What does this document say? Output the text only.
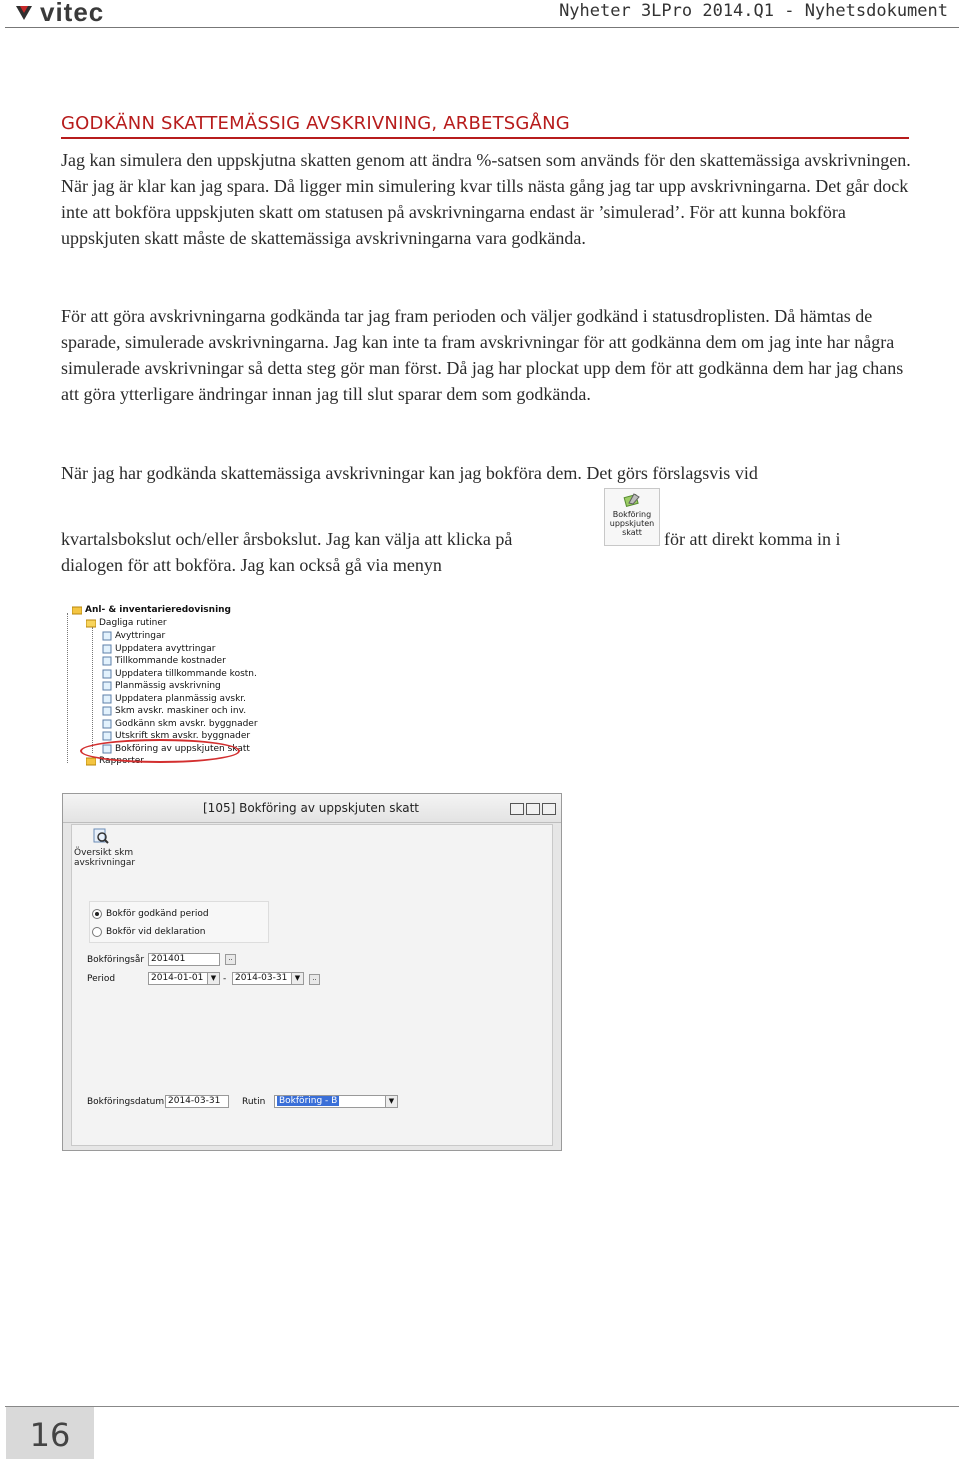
vitec	Nyheter 3LPro 2014.Q1 - Nyhetsdokument
GODKÄNN SKATTEMÄSSIG AVSKRIVNING, ARBETSGÅNG

Jag kan simulera den uppskjutna skatten genom att ändra %-satsen som används för den skattemässiga avskrivningen. När jag är klar kan jag spara. Då ligger min simulering kvar tills nästa gång jag tar upp avskrivningarna. Det går dock inte att bokföra uppskjuten skatt om statusen på avskrivningarna endast är ’simulerad’. För att kunna bokföra uppskjuten skatt måste de skattemässiga avskrivningarna vara godkända.

För att göra avskrivningarna godkända tar jag fram perioden och väljer godkänd i statusdroplisten. Då hämtas de sparade, simulerade avskrivningarna. Jag kan inte ta fram avskrivningar för att godkänna dem om jag inte har några simulerade avskrivningar så detta steg gör man först. Då jag har plockat upp dem för att godkänna dem har jag chans att göra ytterligare ändringar innan jag till slut sparar dem som godkända.

När jag har godkända skattemässiga avskrivningar kan jag bokföra dem. Det görs förslagsvis vid

kvartalsbokslut och/eller årsbokslut. Jag kan välja att klicka på	för att direkt komma in i
dialogen för att bokföra. Jag kan också gå via menyn
Bokföring
uppskjuten
skatt
Anl- & inventarieredovisning
Dagliga rutiner
Avyttringar
Uppdatera avyttringar
Tillkommande kostnader
Uppdatera tillkommande kostn.
Planmässig avskrivning
Uppdatera planmässig avskr.
Skm avskr. maskiner och inv.
Godkänn skm avskr. byggnader
Utskrift skm avskr. byggnader
Bokföring av uppskjuten skatt
Rapporter
[105] Bokföring av uppskjuten skatt
Översikt skm
avskrivningar
Bokför godkänd period
Bokför vid deklaration
Bokföringsår 201401	..
Period	2014-01-01	▼ - 2014-03-31	▼	..
Bokföringsdatum 2014-03-31	Rutin	Bokföring - B	▼
16
